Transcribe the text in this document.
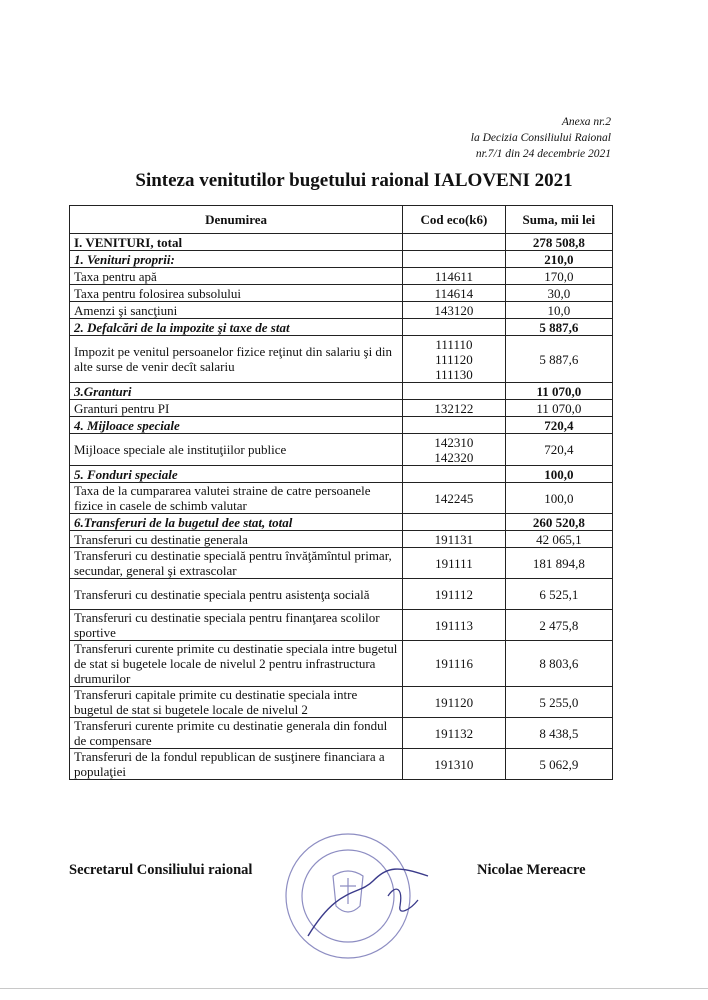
Anexa nr.2
la Decizia Consiliului Raional
nr.7/1 din 24 decembrie 2021
Sinteza venitutilor bugetului raional IALOVENI 2021
Denumirea	Cod eco(k6)	Suma, mii lei
I. VENITURI, total		278 508,8
1. Venituri proprii:		210,0
Taxa pentru apă	114611	170,0
Taxa pentru folosirea subsolului	114614	30,0
Amenzi şi sancţiuni	143120	10,0
2. Defalcări de la impozite şi taxe de stat		5 887,6
Impozit pe venitul persoanelor fizice reţinut din salariu şi din alte surse de venir decît salariu	111110
111120
111130	5 887,6
3.Granturi		11 070,0
Granturi pentru PI	132122	11 070,0
4. Mijloace speciale		720,4
Mijloace speciale ale instituţiilor publice	142310
142320	720,4
5. Fonduri speciale		100,0
Taxa de la cumpararea valutei straine de catre persoanele fizice in casele de schimb valutar	142245	100,0
6.Transferuri de la bugetul dee stat, total		260 520,8
Transferuri cu destinatie generala	191131	42 065,1
Transferuri cu destinatie specială pentru învăţămîntul primar, secundar, general şi extrascolar	191111	181 894,8
Transferuri cu destinatie speciala pentru asistenţa socială	191112	6 525,1
Transferuri cu destinatie speciala pentru finanţarea scolilor sportive	191113	2 475,8
Transferuri curente primite cu destinatie speciala intre bugetul de stat si bugetele locale de nivelul 2 pentru infrastructura drumurilor	191116	8 803,6
Transferuri capitale primite cu destinatie speciala intre bugetul de stat si bugetele locale de nivelul 2	191120	5 255,0
Transferuri curente primite cu destinatie generala din fondul de compensare	191132	8 438,5
Transferuri de la fondul republican de susţinere financiara a populaţiei	191310	5 062,9
Secretarul Consiliului raional	Nicolae Mereacre
